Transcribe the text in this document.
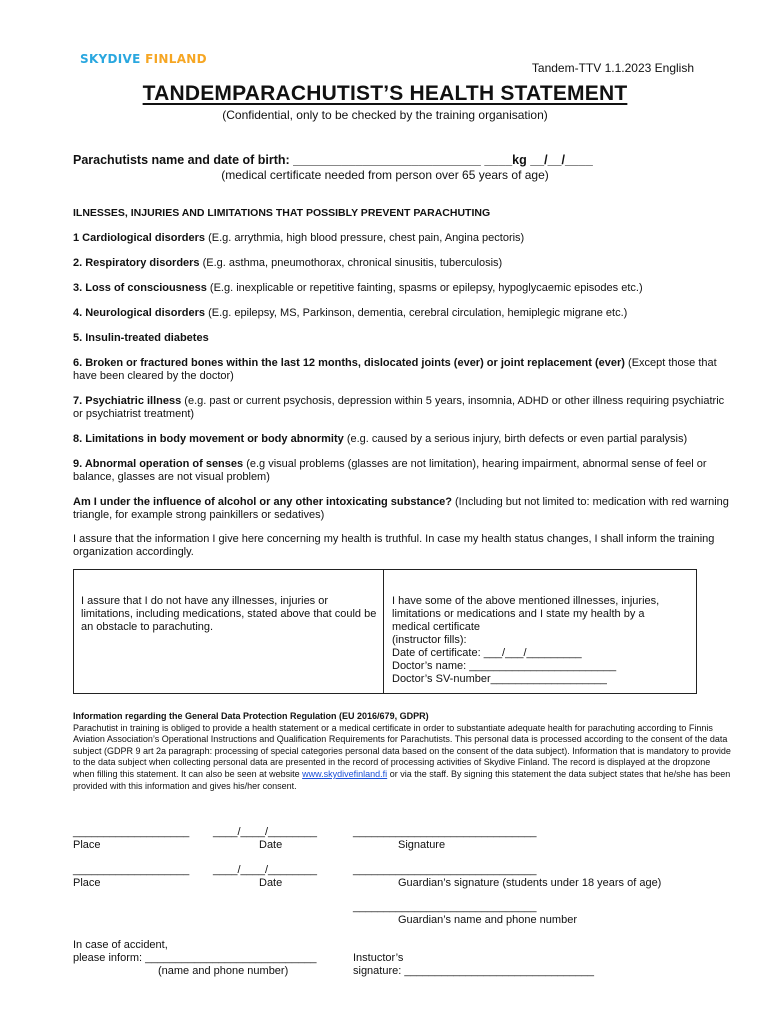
SKYDIVE FINLAND
Tandem-TTV 1.1.2023 English
TANDEMPARACHUTIST’S HEALTH STATEMENT
(Confidential, only to be checked by the training organisation)
Parachutists name and date of birth: ___________________________ ____kg __/__/____
(medical certificate needed from person over 65 years of age)
ILNESSES, INJURIES AND LIMITATIONS THAT POSSIBLY PREVENT PARACHUTING
1 Cardiological disorders (E.g. arrythmia, high blood pressure, chest pain, Angina pectoris)
2. Respiratory disorders (E.g. asthma, pneumothorax, chronical sinusitis, tuberculosis)
3. Loss of consciousness (E.g. inexplicable or repetitive fainting, spasms or epilepsy, hypoglycaemic episodes etc.)
4. Neurological disorders (E.g. epilepsy, MS, Parkinson, dementia, cerebral circulation, hemiplegic migrane etc.)
5. Insulin-treated diabetes
6. Broken or fractured bones within the last 12 months, dislocated joints (ever) or joint replacement (ever) (Except those that have been cleared by the doctor)
7. Psychiatric illness (e.g. past or current psychosis, depression within 5 years, insomnia, ADHD or other illness requiring psychiatric or psychiatrist treatment)
8. Limitations in body movement or body abnormity (e.g. caused by a serious injury, birth defects or even partial paralysis)
9. Abnormal operation of senses (e.g visual problems (glasses are not limitation), hearing impairment, abnormal sense of feel or balance, glasses are not visual problem)
Am I under the influence of alcohol or any other intoxicating substance? (Including but not limited to: medication with red warning triangle, for example strong painkillers or sedatives)
I assure that the information I give here concerning my health is truthful. In case my health status changes, I shall inform the training organization accordingly.
I assure that I do not have any illnesses, injuries or limitations, including medications, stated above that could be an obstacle to parachuting.
I have some of the above mentioned illnesses, injuries,
limitations or medications and I state my health by a
medical certificate
(instructor fills):
Date of certificate: ___/___/_________
Doctor’s name: ________________________
Doctor’s SV-number___________________
Information regarding the General Data Protection Regulation (EU 2016/679, GDPR)
Parachutist in training is obliged to provide a health statement or a medical certificate in order to substantiate adequate health for parachuting according to Finnis Aviation Association’s Operational Instructions and Qualification Requirements for Parachutists. This personal data is processed according to the consent of the data subject (GDPR 9 art 2a paragraph: processing of special categories personal data based on the consent of the data subject). Information that is mandatory to provide to the data subject when collecting personal data are presented in the record of processing activities of Skydive Finland. The record is displayed at the dropzone when filling this statement. It can also be seen at website www.skydivefinland.fi or via the staff. By signing this statement the data subject states that he/she has been provided with this information and gives his/her consent.
___________________ ____/____/________	______________________________
Place	Date	Signature
___________________ ____/____/________	______________________________
Place	Date	Guardian’s signature (students under 18 years of age)
______________________________
Guardian’s name and phone number
In case of accident,
please inform: ____________________________
(name and phone number)
Instuctor’s
signature: _______________________________
